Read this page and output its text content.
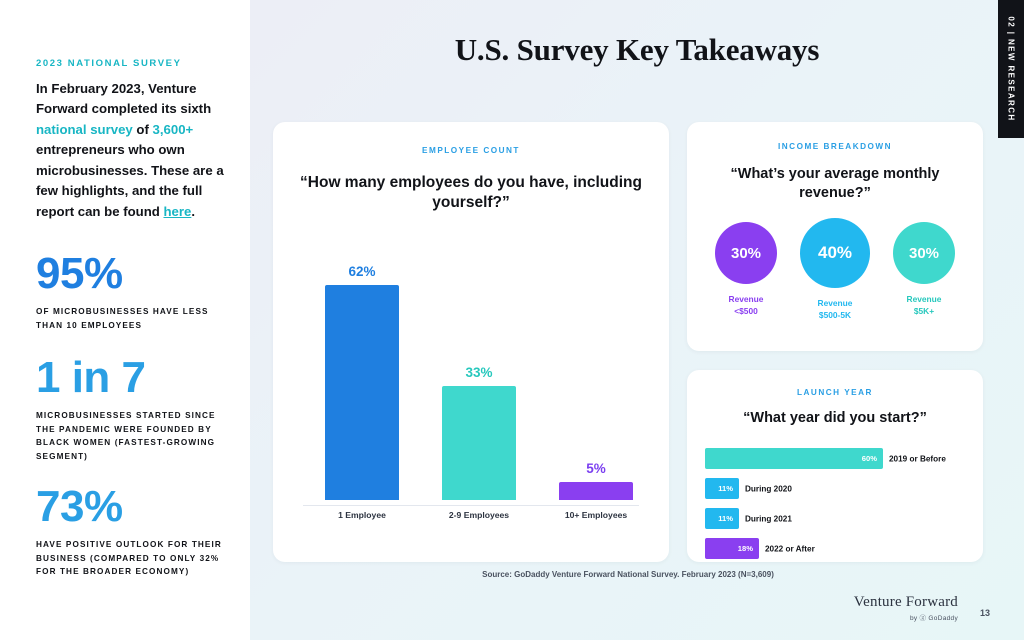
2023 NATIONAL SURVEY
In February 2023, Venture Forward completed its sixth national survey of 3,600+ entrepreneurs who own microbusinesses. These are a few highlights, and the full report can be found here.
95%
OF MICROBUSINESSES HAVE LESS THAN 10 EMPLOYEES
1 in 7
MICROBUSINESSES STARTED SINCE THE PANDEMIC WERE FOUNDED BY BLACK WOMEN (FASTEST-GROWING SEGMENT)
73%
HAVE POSITIVE OUTLOOK FOR THEIR BUSINESS (COMPARED TO ONLY 32% FOR THE BROADER ECONOMY)
U.S. Survey Key Takeaways	02 | NEW RESEARCH
EMPLOYEE COUNT
“How many employees do you have, including yourself?”
62%
33%
5%
1 Employee	2-9 Employees	10+ Employees
INCOME BREAKDOWN
“What’s your average monthly revenue?”
30%
Revenue
<$500
40%
Revenue
$500-5K
30%
Revenue
$5K+
LAUNCH YEAR
“What year did you start?”
60% 2019 or Before
11% During 2020
11% During 2021
18% 2022 or After
Source: GoDaddy Venture Forward National Survey. February 2023 (N=3,609)
Venture Forward
by ⓖ GoDaddy
13
